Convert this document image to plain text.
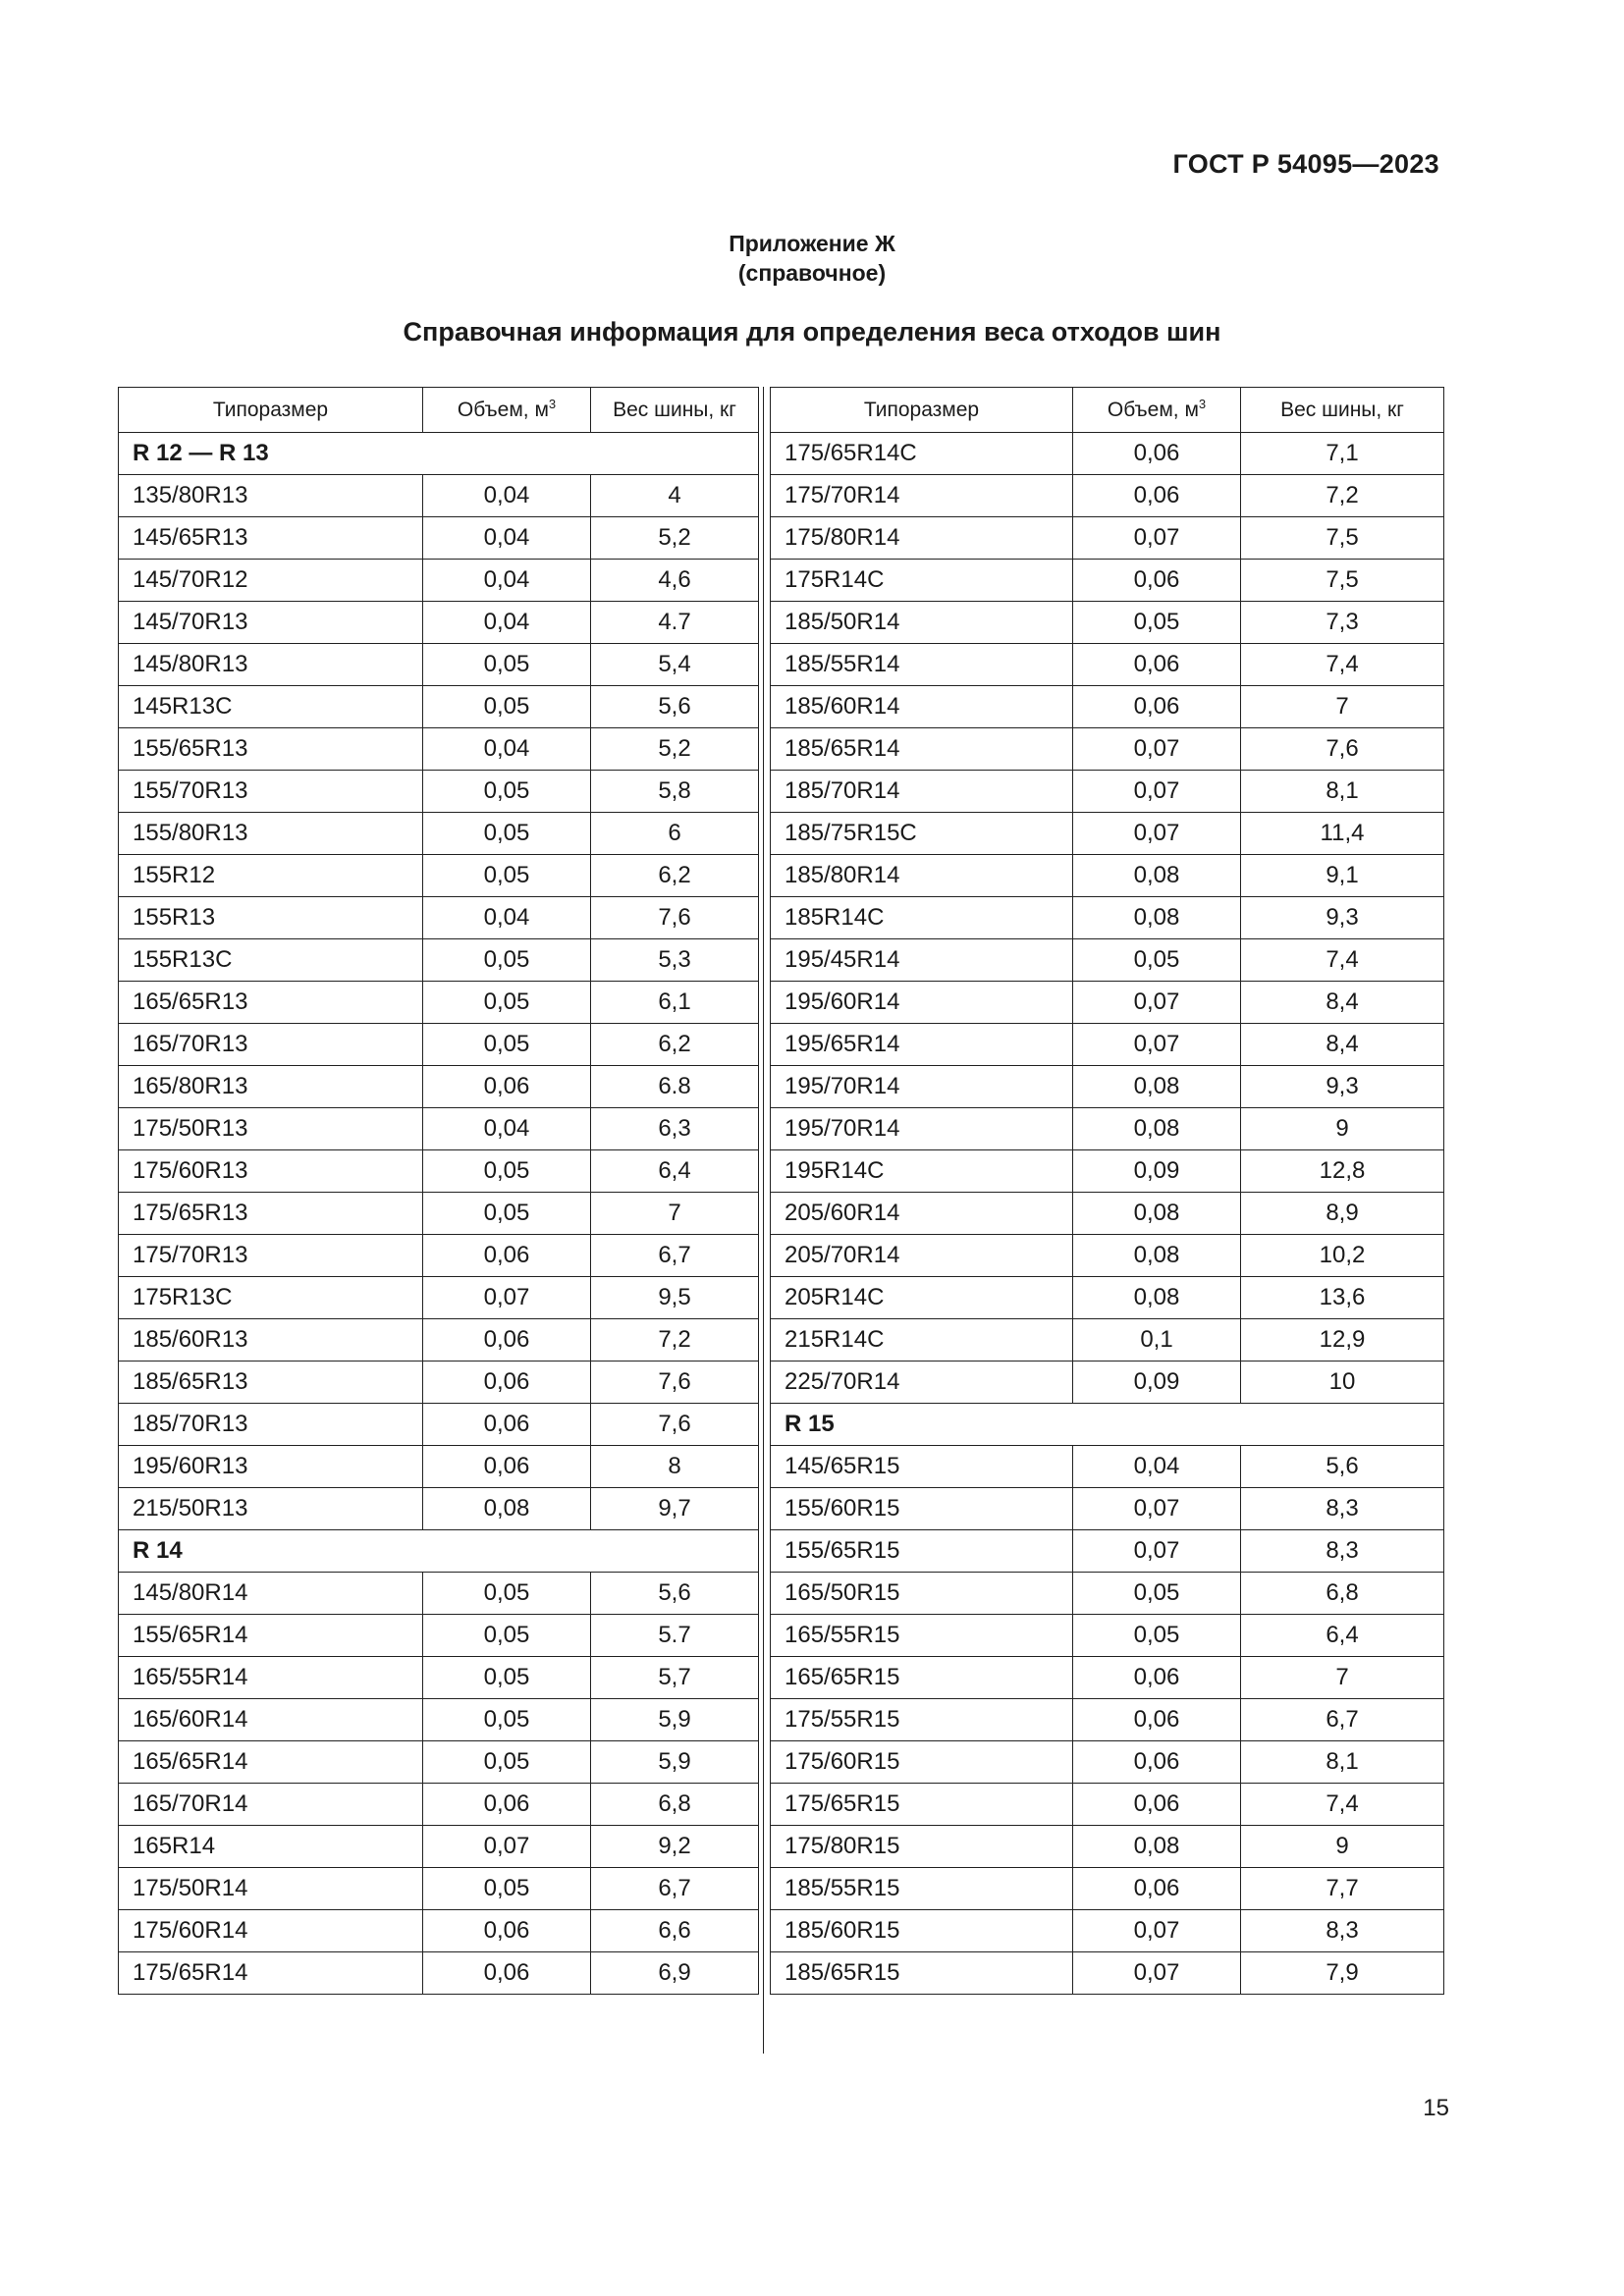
ГОСТ Р 54095—2023
Приложение Ж
(справочное)
Справочная информация для определения веса отходов шин
Типоразмер	Объем, $м^3$	Вес шины, кг
R 12 — R 13		
135/80R13	0,04	4
145/65R13	0,04	5,2
145/70R12	0,04	4,6
145/70R13	0,04	4.7
145/80R13	0,05	5,4
145R13C	0,05	5,6
155/65R13	0,04	5,2
155/70R13	0,05	5,8
155/80R13	0,05	6
155R12	0,05	6,2
155R13	0,04	7,6
155R13C	0,05	5,3
165/65R13	0,05	6,1
165/70R13	0,05	6,2
165/80R13	0,06	6.8
175/50R13	0,04	6,3
175/60R13	0,05	6,4
175/65R13	0,05	7
175/70R13	0,06	6,7
175R13C	0,07	9,5
185/60R13	0,06	7,2
185/65R13	0,06	7,6
185/70R13	0,06	7,6
195/60R13	0,06	8
215/50R13	0,08	9,7
R 14		
145/80R14	0,05	5,6
155/65R14	0,05	5.7
165/55R14	0,05	5,7
165/60R14	0,05	5,9
165/65R14	0,05	5,9
165/70R14	0,06	6,8
165R14	0,07	9,2
175/50R14	0,05	6,7
175/60R14	0,06	6,6
175/65R14	0,06	6,9
Типоразмер	Объем, $м^3$	Вес шины, кг
175/65R14C	0,06	7,1
175/70R14	0,06	7,2
175/80R14	0,07	7,5
175R14C	0,06	7,5
185/50R14	0,05	7,3
185/55R14	0,06	7,4
185/60R14	0,06	7
185/65R14	0,07	7,6
185/70R14	0,07	8,1
185/75R15C	0,07	11,4
185/80R14	0,08	9,1
185R14C	0,08	9,3
195/45R14	0,05	7,4
195/60R14	0,07	8,4
195/65R14	0,07	8,4
195/70R14	0,08	9,3
195/70R14	0,08	9
195R14C	0,09	12,8
205/60R14	0,08	8,9
205/70R14	0,08	10,2
205R14C	0,08	13,6
215R14C	0,1	12,9
225/70R14	0,09	10
R 15		
145/65R15	0,04	5,6
155/60R15	0,07	8,3
155/65R15	0,07	8,3
165/50R15	0,05	6,8
165/55R15	0,05	6,4
165/65R15	0,06	7
175/55R15	0,06	6,7
175/60R15	0,06	8,1
175/65R15	0,06	7,4
175/80R15	0,08	9
185/55R15	0,06	7,7
185/60R15	0,07	8,3
185/65R15	0,07	7,9
15
